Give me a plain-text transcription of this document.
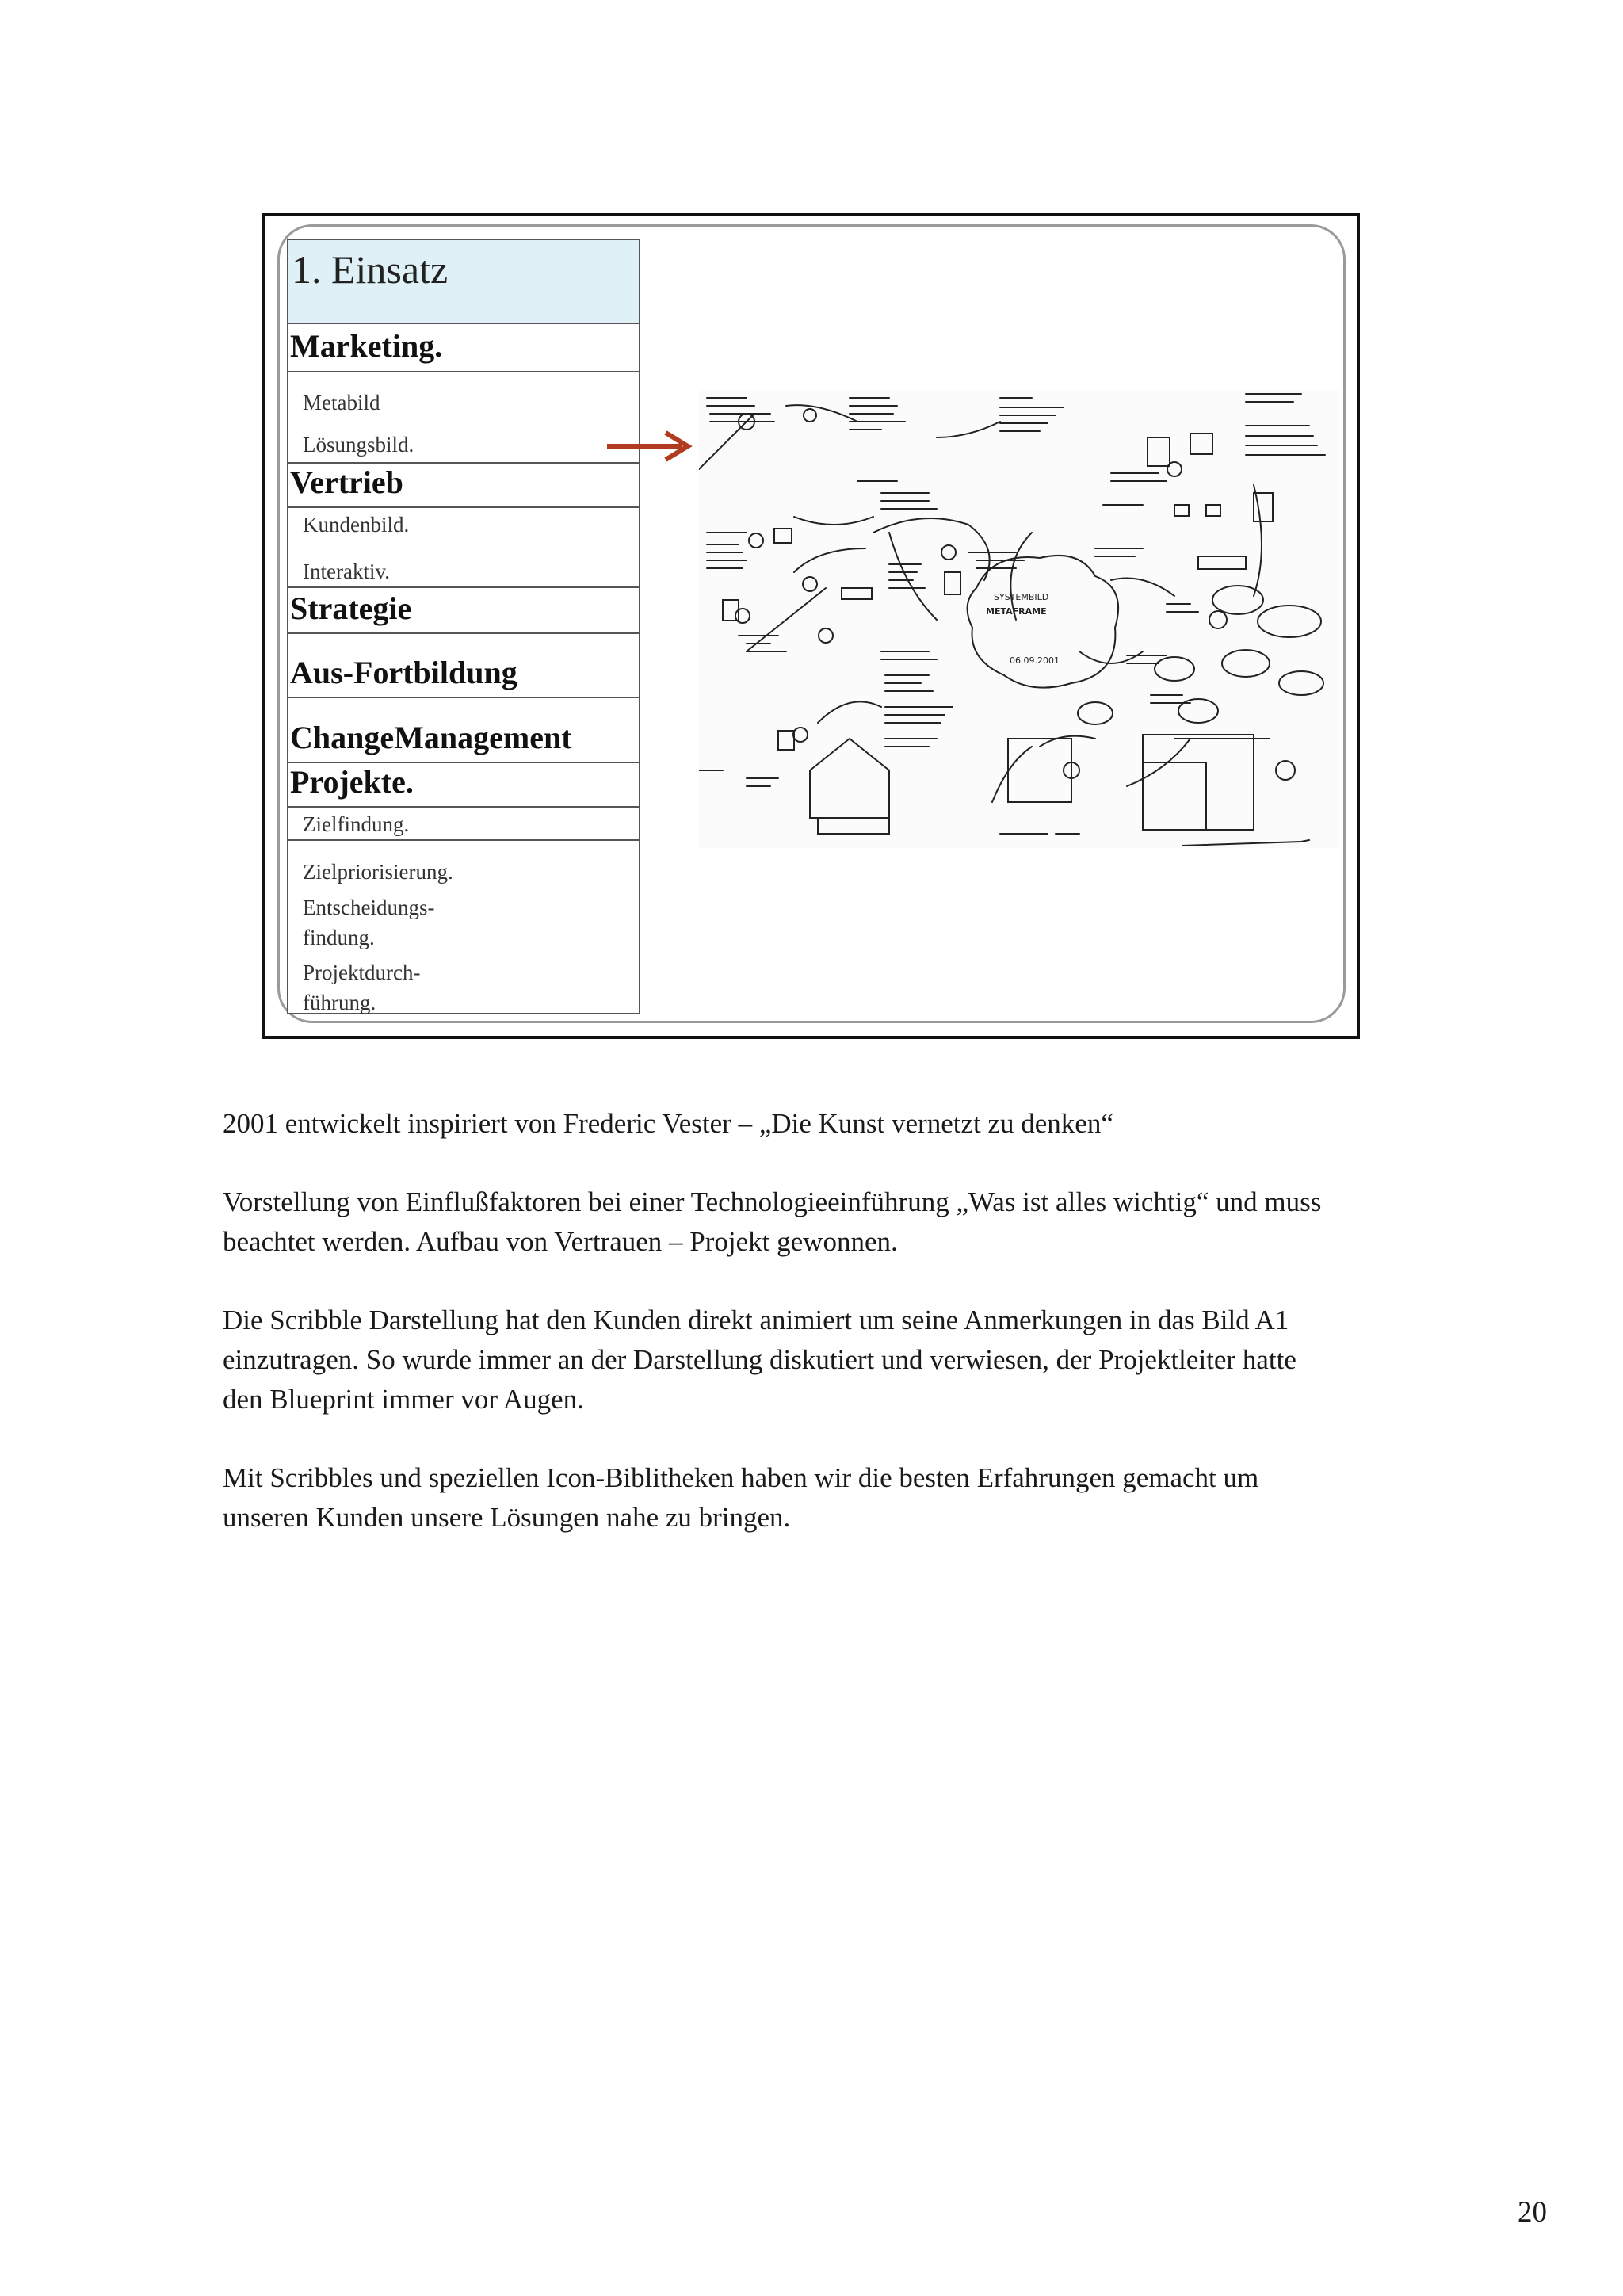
1. Einsatz
Marketing.
Metabild
Lösungsbild.
Vertrieb
Kundenbild.
Interaktiv.
Strategie
Aus-Fortbildung
ChangeManagement
Projekte.
Zielfindung.
Zielpriorisierung.
Entscheidungs-
findung.
Projektdurch-
führung.
SYSTEMBILD
METAFRAME
06.09.2001
2001 entwickelt inspiriert von Frederic Vester – „Die Kunst vernetzt zu denken“
Vorstellung von Einflußfaktoren bei einer Technologieeinführung „Was ist alles wichtig“ und muss
beachtet werden. Aufbau von Vertrauen – Projekt gewonnen.
Die Scribble Darstellung hat den Kunden direkt animiert um seine Anmerkungen in das Bild A1
einzutragen. So wurde immer an der Darstellung diskutiert und verwiesen, der Projektleiter hatte
den Blueprint immer vor Augen.
Mit Scribbles und speziellen Icon-Biblitheken haben wir die besten Erfahrungen gemacht um
unseren Kunden unsere Lösungen nahe zu bringen.
20
